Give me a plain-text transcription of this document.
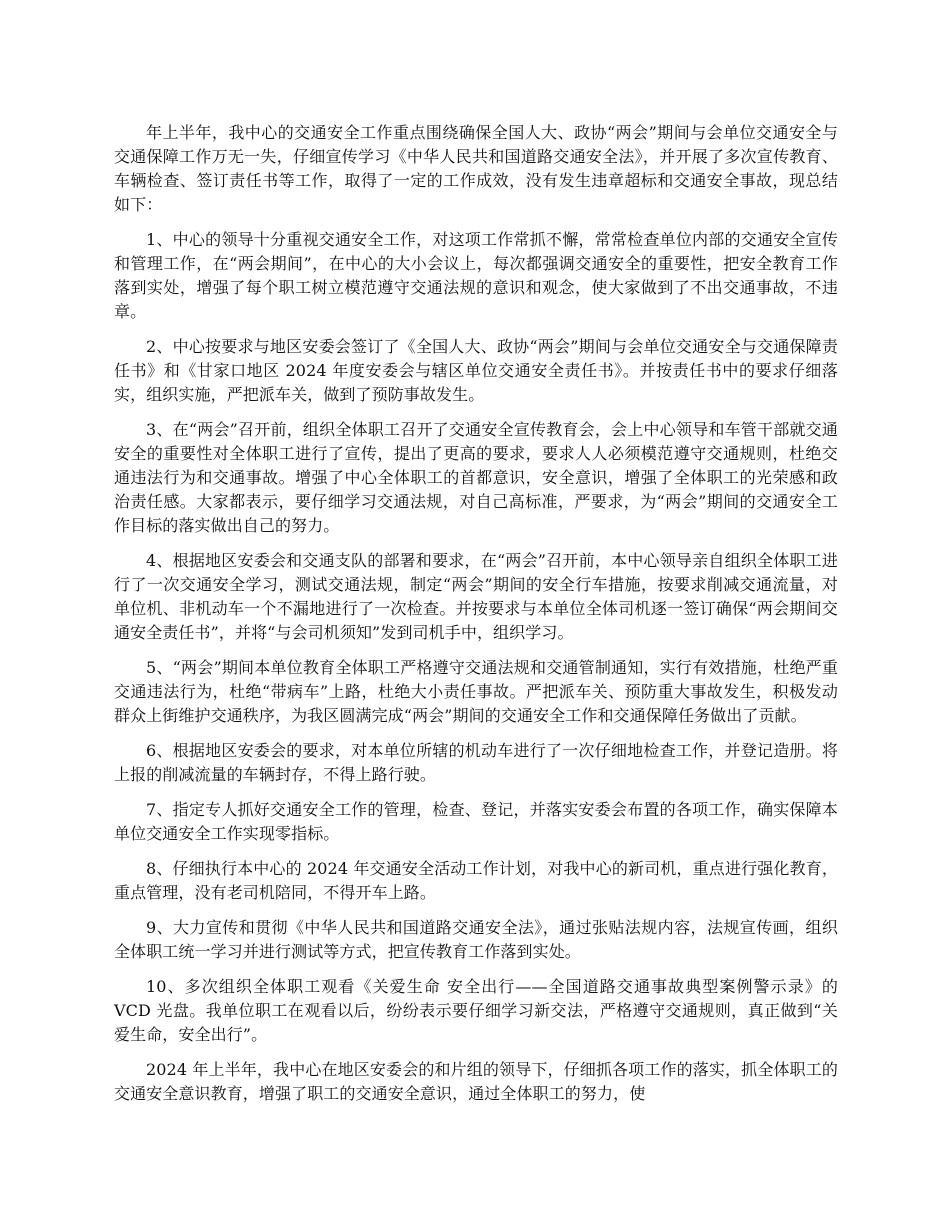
年上半年，我中心的交通安全工作重点围绕确保全国人大、政协“两会”期间与会单位交通安全与交通保障工作万无一失，仔细宣传学习《中华人民共和国道路交通安全法》，并开展了多次宣传教育、车辆检查、签订责任书等工作，取得了一定的工作成效，没有发生违章超标和交通安全事故，现总结如下：

1、中心的领导十分重视交通安全工作，对这项工作常抓不懈，常常检查单位内部的交通安全宣传和管理工作，在“两会期间”，在中心的大小会议上，每次都强调交通安全的重要性，把安全教育工作落到实处，增强了每个职工树立模范遵守交通法规的意识和观念，使大家做到了不出交通事故，不违章。

2、中心按要求与地区安委会签订了《全国人大、政协“两会”期间与会单位交通安全与交通保障责任书》和《甘家口地区 2024 年度安委会与辖区单位交通安全责任书》。并按责任书中的要求仔细落实，组织实施，严把派车关，做到了预防事故发生。

3、在“两会”召开前，组织全体职工召开了交通安全宣传教育会，会上中心领导和车管干部就交通安全的重要性对全体职工进行了宣传，提出了更高的要求，要求人人必须模范遵守交通规则，杜绝交通违法行为和交通事故。增强了中心全体职工的首都意识，安全意识，增强了全体职工的光荣感和政治责任感。大家都表示，要仔细学习交通法规，对自己高标准，严要求，为“两会”期间的交通安全工作目标的落实做出自己的努力。

4、根据地区安委会和交通支队的部署和要求，在“两会”召开前，本中心领导亲自组织全体职工进行了一次交通安全学习，测试交通法规，制定“两会”期间的安全行车措施，按要求削减交通流量，对单位机、非机动车一个不漏地进行了一次检查。并按要求与本单位全体司机逐一签订确保“两会期间交通安全责任书”，并将“与会司机须知”发到司机手中，组织学习。

5、“两会”期间本单位教育全体职工严格遵守交通法规和交通管制通知，实行有效措施，杜绝严重交通违法行为，杜绝“带病车”上路，杜绝大小责任事故。严把派车关、预防重大事故发生，积极发动群众上街维护交通秩序，为我区圆满完成“两会”期间的交通安全工作和交通保障任务做出了贡献。

6、根据地区安委会的要求，对本单位所辖的机动车进行了一次仔细地检查工作，并登记造册。将上报的削减流量的车辆封存，不得上路行驶。

7、指定专人抓好交通安全工作的管理，检查、登记，并落实安委会布置的各项工作，确实保障本单位交通安全工作实现零指标。

8、仔细执行本中心的 2024 年交通安全活动工作计划，对我中心的新司机，重点进行强化教育，重点管理，没有老司机陪同，不得开车上路。

9、大力宣传和贯彻《中华人民共和国道路交通安全法》，通过张贴法规内容，法规宣传画，组织全体职工统一学习并进行测试等方式，把宣传教育工作落到实处。

10、多次组织全体职工观看《关爱生命 安全出行——全国道路交通事故典型案例警示录》的 VCD 光盘。我单位职工在观看以后，纷纷表示要仔细学习新交法，严格遵守交通规则，真正做到“关爱生命，安全出行”。

2024 年上半年，我中心在地区安委会的和片组的领导下，仔细抓各项工作的落实，抓全体职工的交通安全意识教育，增强了职工的交通安全意识，通过全体职工的努力，使
